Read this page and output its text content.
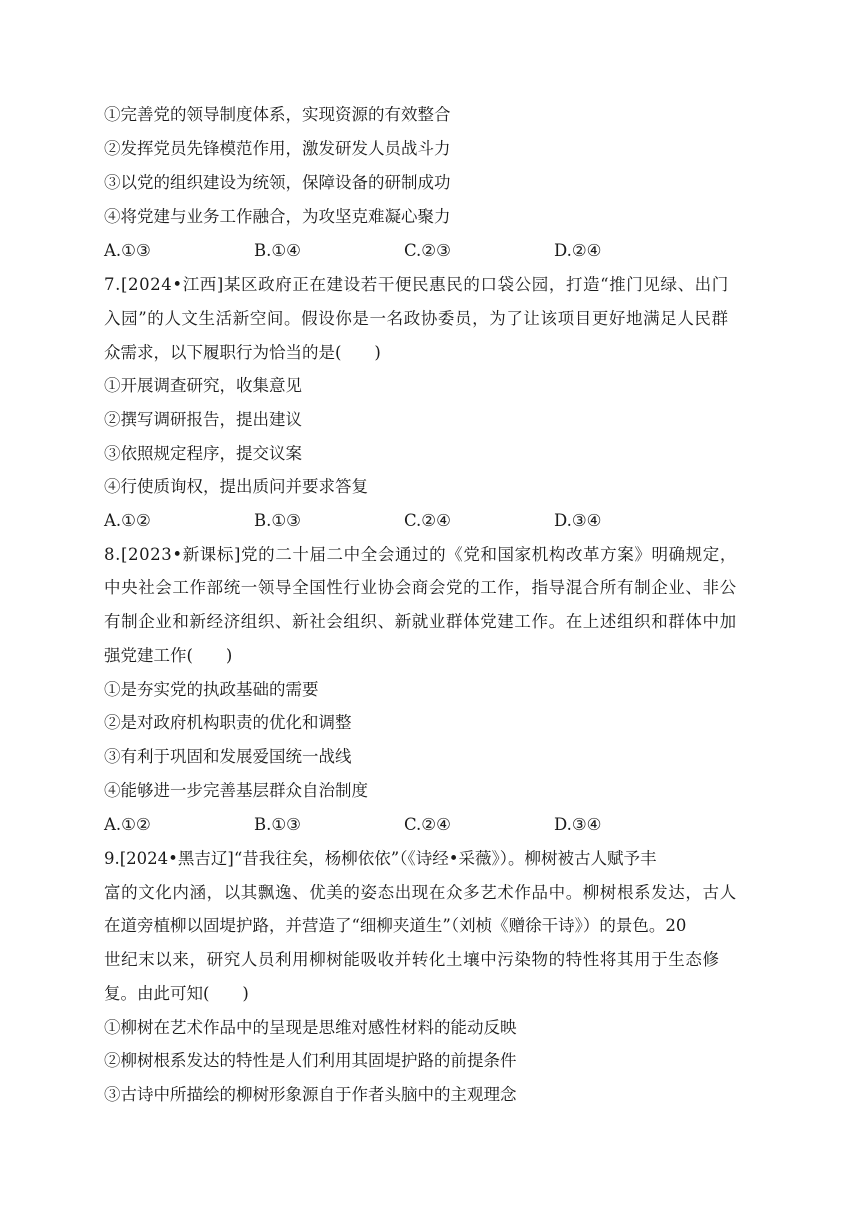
①完善党的领导制度体系，实现资源的有效整合
②发挥党员先锋模范作用，激发研发人员战斗力
③以党的组织建设为统领，保障设备的研制成功
④将党建与业务工作融合，为攻坚克难凝心聚力
A.①③	B.①④	C.②③	D.②④
7.[2024•江西]某区政府正在建设若干便民惠民的口袋公园，打造“推门见绿、出门
入园”的人文生活新空间。假设你是一名政协委员，为了让该项目更好地满足人民群
众需求，以下履职行为恰当的是(　　)
①开展调查研究，收集意见
②撰写调研报告，提出建议
③依照规定程序，提交议案
④行使质询权，提出质问并要求答复
A.①②	B.①③	C.②④	D.③④
8.[2023•新课标]党的二十届二中全会通过的《党和国家机构改革方案》明确规定，
中央社会工作部统一领导全国性行业协会商会党的工作，指导混合所有制企业、非公
有制企业和新经济组织、新社会组织、新就业群体党建工作。在上述组织和群体中加
强党建工作(　　)
①是夯实党的执政基础的需要
②是对政府机构职责的优化和调整
③有利于巩固和发展爱国统一战线
④能够进一步完善基层群众自治制度
A.①②	B.①③	C.②④	D.③④
9.[2024•黑吉辽]“昔我往矣，杨柳依依”（《诗经•采薇》）。柳树被古人赋予丰
富的文化内涵，以其飘逸、优美的姿态出现在众多艺术作品中。柳树根系发达，古人
在道旁植柳以固堤护路，并营造了“细柳夹道生”（刘桢《赠徐干诗》）的景色。20
世纪末以来，研究人员利用柳树能吸收并转化土壤中污染物的特性将其用于生态修
复。由此可知(　　)
①柳树在艺术作品中的呈现是思维对感性材料的能动反映
②柳树根系发达的特性是人们利用其固堤护路的前提条件
③古诗中所描绘的柳树形象源自于作者头脑中的主观理念
